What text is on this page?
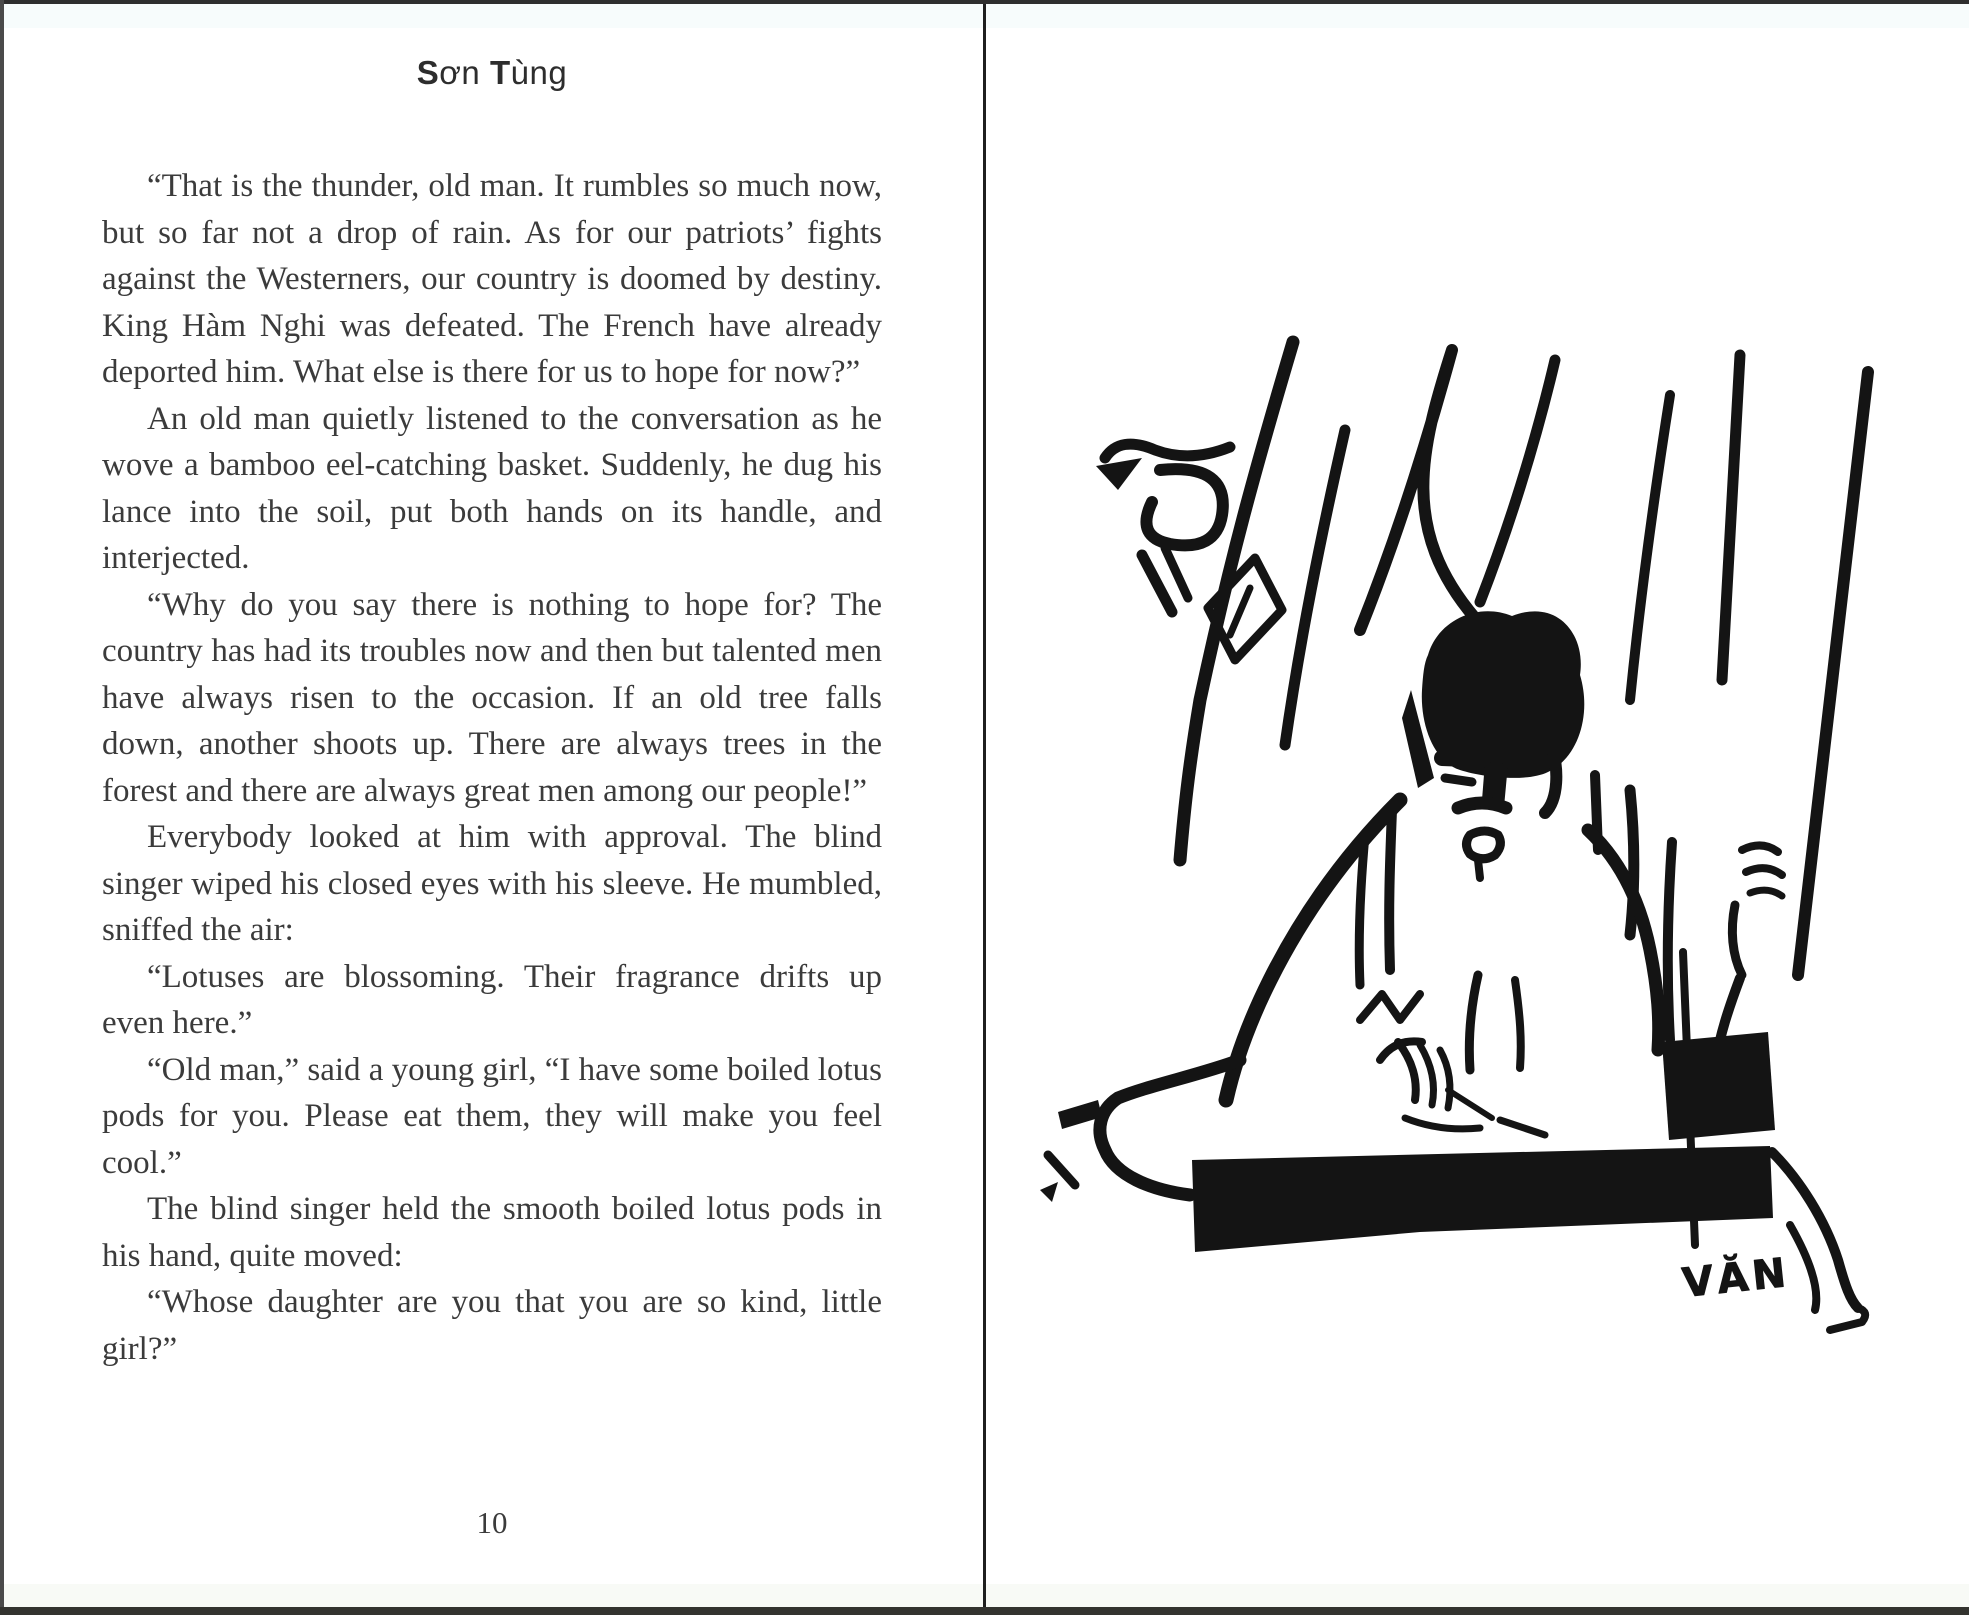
Sơn Tùng

“That is the thunder, old man. It rumbles so much now, but so far not a drop of rain. As for our patriots’ fights against the Westerners, our country is doomed by destiny. King Hàm Nghi was defeated. The French have already deported him. What else is there for us to hope for now?”

An old man quietly listened to the conversation as he wove a bamboo eel-catching basket. Suddenly, he dug his lance into the soil, put both hands on its handle, and interjected.

“Why do you say there is nothing to hope for? The country has had its troubles now and then but talented men have always risen to the occasion. If an old tree falls down, another shoots up. There are always trees in the forest and there are always great men among our people!”

Everybody looked at him with approval. The blind singer wiped his closed eyes with his sleeve. He mumbled, sniffed the air:

“Lotuses are blossoming. Their fragrance drifts up even here.”

“Old man,” said a young girl, “I have some boiled lotus pods for you. Please eat them, they will make you feel cool.”

The blind singer held the smooth boiled lotus pods in his hand, quite moved:

“Whose daughter are you that you are so kind, little girl?”

10
VĂN
